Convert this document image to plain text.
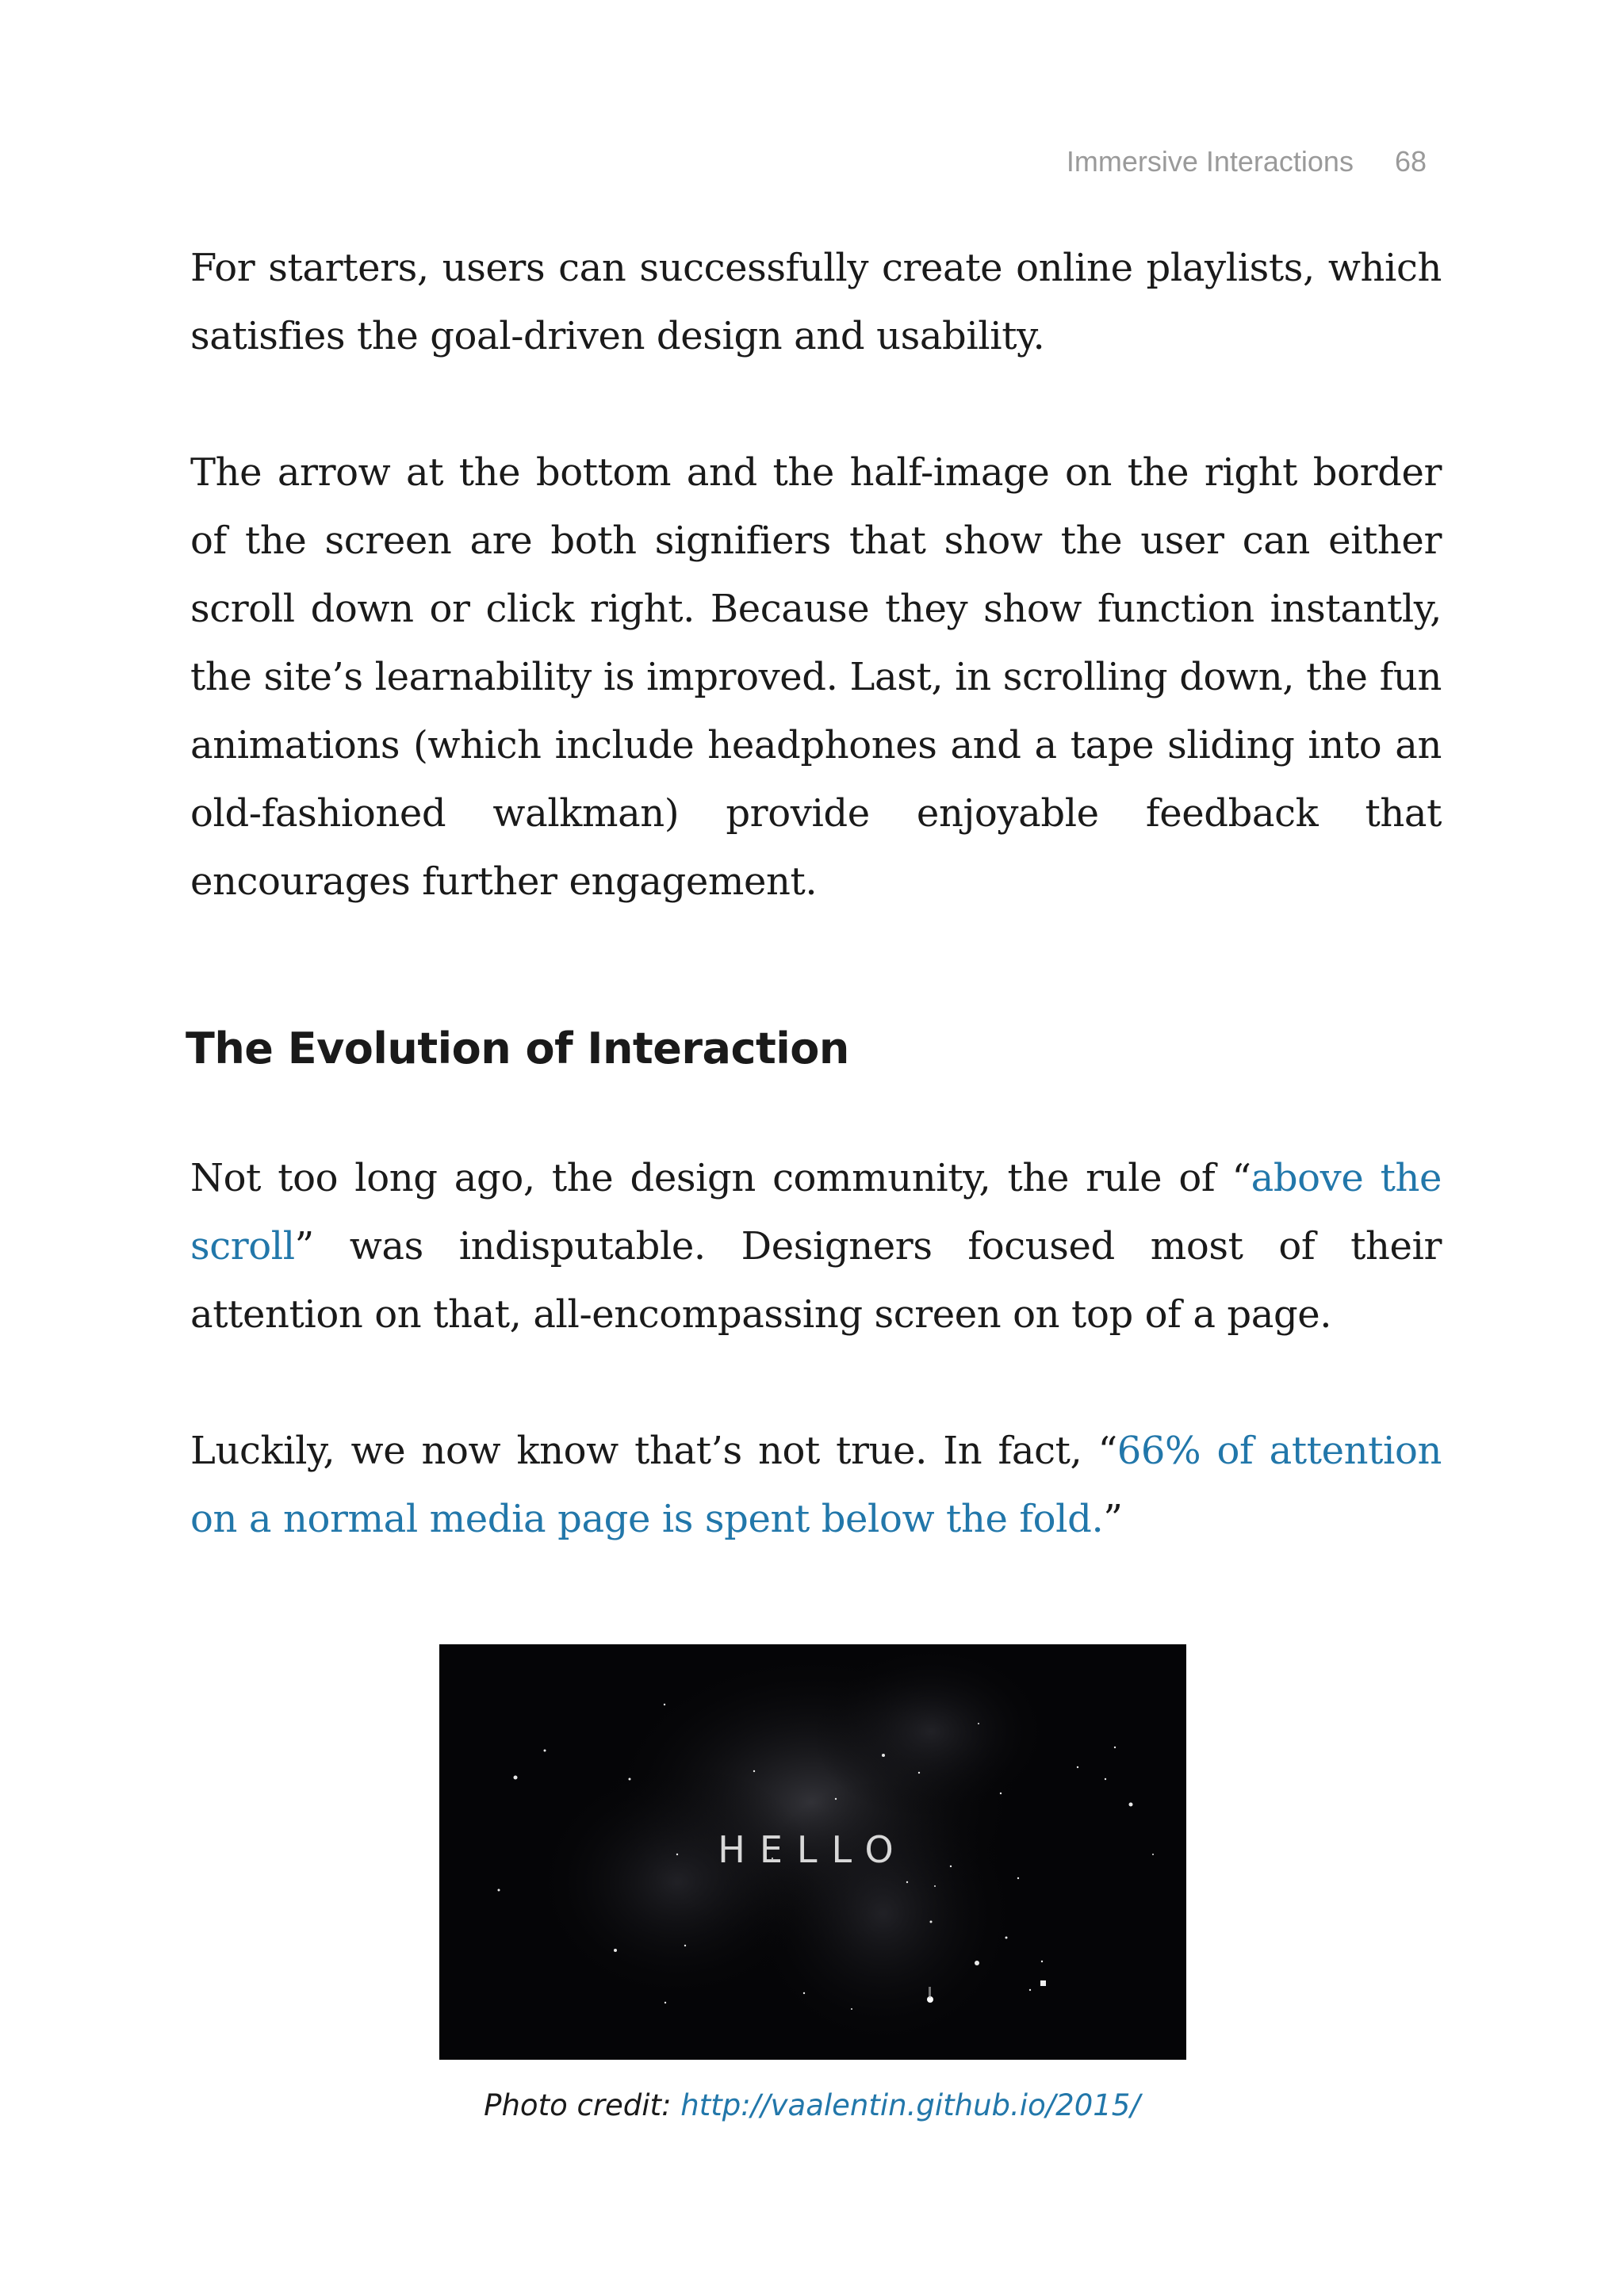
Immersive Interactions 68

For starters, users can successfully create online playlists, which satisfies the goal-driven design and usability.

The arrow at the bottom and the half-image on the right border of the screen are both signifiers that show the user can either scroll down or click right. Because they show function instantly, the site’s learnability is improved. Last, in scrolling down, the fun animations (which include headphones and a tape sliding into an old-fashioned walkman) provide enjoyable feedback that encourages further engagement.

The Evolution of Interaction

Not too long ago, the design community, the rule of “above the scroll” was indisputable. Designers focused most of their attention on that, all-encompassing screen on top of a page.

Luckily, we now know that’s not true. In fact, “66% of attention on a normal media page is spent below the fold.”

HELLO
Photo credit: http://vaalentin.github.io/2015/
